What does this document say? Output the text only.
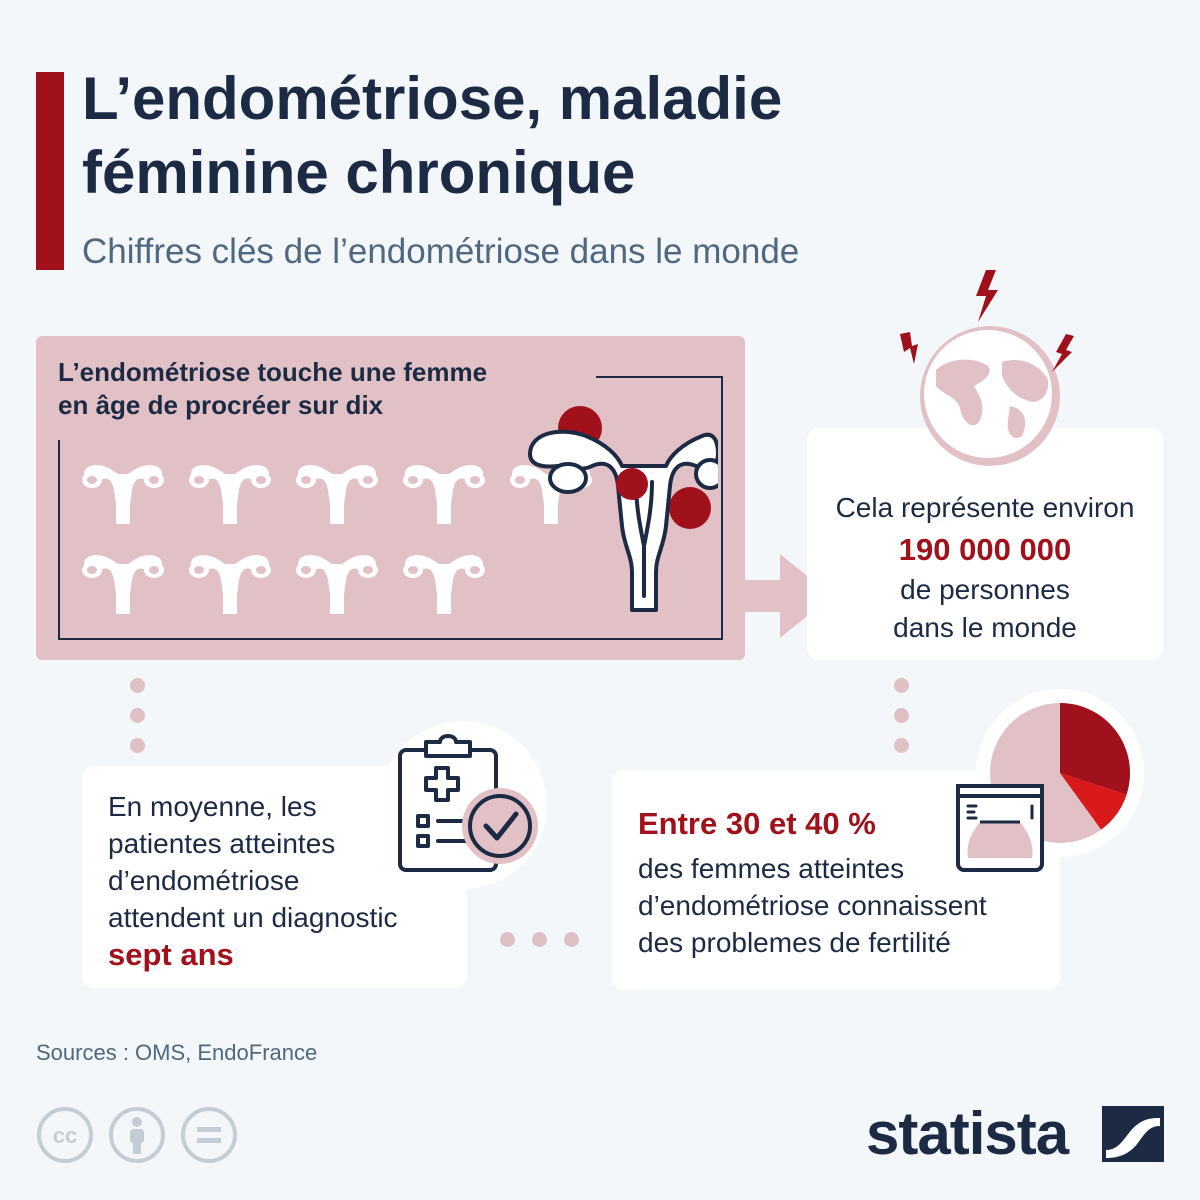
L’endométriose, maladie
féminine chronique

Chiffres clés de l’endométriose dans le monde

L’endométriose touche une femme
en âge de procréer sur dix

Cela représente environ
190 000 000
de personnes
dans le monde

En moyenne, les
patientes atteintes
d’endométriose
attendent un diagnostic
sept ans

Entre 30 et 40 %

des femmes atteintes
d’endométriose connaissent
des problemes de fertilité

Sources : OMS, EndoFrance

cc	statista
